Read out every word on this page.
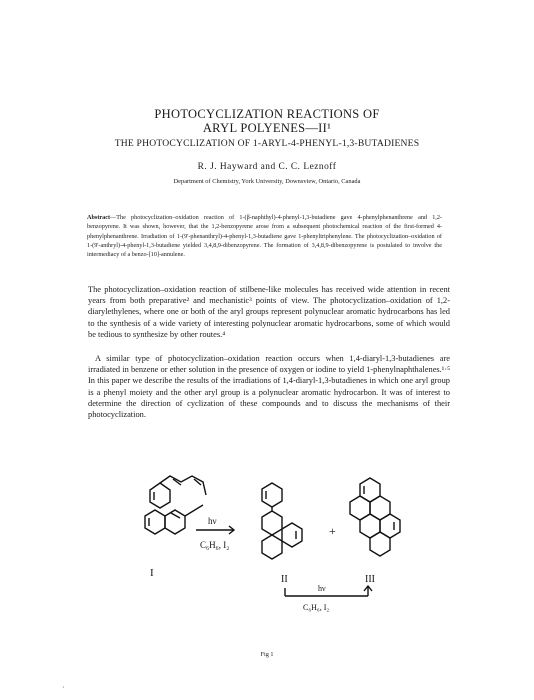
PHOTOCYCLIZATION REACTIONS OF
ARYL POLYENES—II¹
THE PHOTOCYCLIZATION OF 1-ARYL-4-PHENYL-1,3-BUTADIENES
R. J. Hayward and C. C. Leznoff
Department of Chemistry, York University, Downsview, Ontario, Canada
Abstract—The photocyclization–oxidation reaction of 1-(β-naphthyl)-4-phenyl-1,3-butadiene gave 4-phenylphenanthrene and 1,2-benzopyrene. It was shown, however, that the 1,2-benzopyrene arose from a subsequent photochemical reaction of the first-formed 4-phenylphenanthrene. Irradiation of 1-(9'-phenanthryl)-4-phenyl-1,3-butadiene gave 1-phenyltriphenylene. The photocyclization–oxidation of 1-(9'-anthryl)-4-phenyl-1,3-butadiene yielded 3,4,8,9-dibenzopyrene. The formation of 3,4,8,9-dibenzopyrene is postulated to involve the intermediacy of a benzo-[10]-annulene.
The photocyclization–oxidation reaction of stilbene-like molecules has received wide attention in recent years from both preparative² and mechanistic³ points of view. The photocyclization–oxidation of 1,2-diarylethylenes, where one or both of the aryl groups represent polynuclear aromatic hydrocarbons has led to the synthesis of a wide variety of interesting polynuclear aromatic hydrocarbons, some of which would be tedious to synthesize by other routes.⁴
A similar type of photocyclization–oxidation reaction occurs when 1,4-diaryl-1,3-butadienes are irradiated in benzene or ether solution in the presence of oxygen or iodine to yield 1-phenylnaphthalenes.¹·⁵ In this paper we describe the results of the irradiations of 1,4-diaryl-1,3-butadienes in which one aryl group is a phenyl moiety and the other aryl group is a polynuclear aromatic hydrocarbon. It was of interest to determine the direction of cyclization of these compounds and to discuss the mechanisms of their photocyclization.
I
hν
C₆H₆, I₂
+
II	III
hν
C₆H₆, I₂
Fig 1
·
